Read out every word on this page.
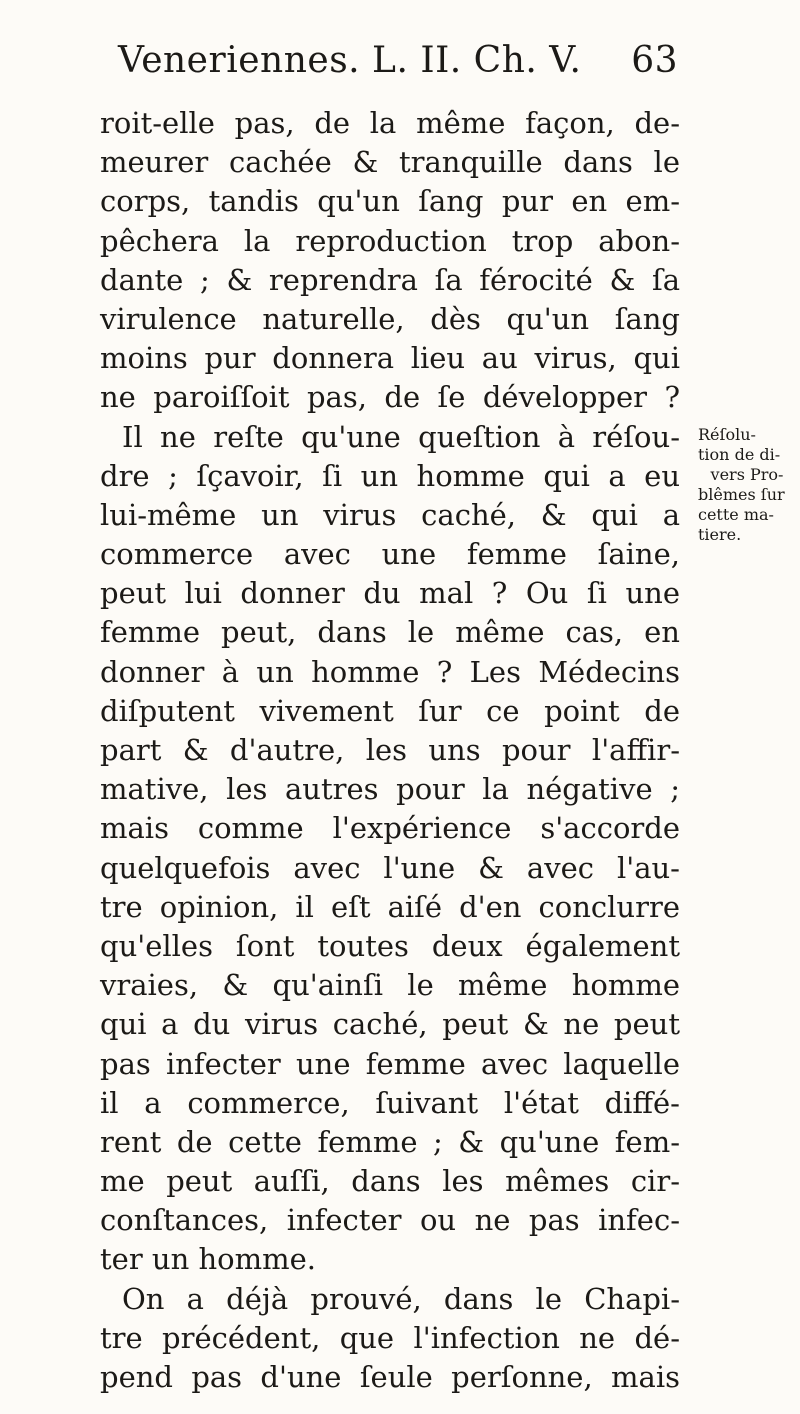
Veneriennes. L. II. Ch. V. 63
roit-elle pas, de la même façon, de-
meurer cachée & tranquille dans le
corps, tandis qu'un ſang pur en em-
pêchera la reproduction trop abon-
dante ; & reprendra ſa férocité & ſa
virulence naturelle, dès qu'un ſang
moins pur donnera lieu au virus, qui
ne paroiſſoit pas, de ſe développer ?
Il ne reſte qu'une queſtion à réſou-
dre ; ſçavoir, ſi un homme qui a eu
lui-même un virus caché, & qui a
commerce avec une femme ſaine,
peut lui donner du mal ? Ou ſi une
femme peut, dans le même cas, en
donner à un homme ? Les Médecins
diſputent vivement ſur ce point de
part & d'autre, les uns pour l'affir-
mative, les autres pour la négative ;
mais comme l'expérience s'accorde
quelquefois avec l'une & avec l'au-
tre opinion, il eſt aiſé d'en conclurre
qu'elles ſont toutes deux également
vraies, & qu'ainſi le même homme
qui a du virus caché, peut & ne peut
pas infecter une femme avec laquelle
il a commerce, ſuivant l'état diffé-
rent de cette femme ; & qu'une fem-
me peut auſſi, dans les mêmes cir-
conſtances, infecter ou ne pas infec-
ter un homme.
On a déjà prouvé, dans le Chapi-
tre précédent, que l'infection ne dé-
pend pas d'une ſeule perſonne, mais
Réſolu-
tion de di-
vers Pro-
blêmes ſur
cette ma-
tiere.
